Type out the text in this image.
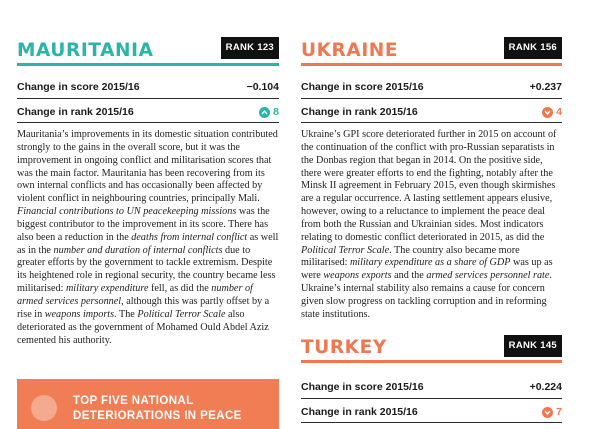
MAURITANIA	RANK 123
Change in score 2015/16	−0.104
Change in rank 2015/16	8

Mauritania’s improvements in its domestic situation contributed strongly to the gains in the overall score, but it was the improvement in ongoing conflict and militarisation scores that was the main factor. Mauritania has been recovering from its own internal conflicts and has occasionally been affected by violent conflict in neighbouring countries, principally Mali. Financial contributions to UN peacekeeping missions was the biggest contributor to the improvement in its score. There has also been a reduction in the deaths from internal conflict as well as in the number and duration of internal conflicts due to greater efforts by the government to tackle extremism. Despite its heightened role in regional security, the country became less militarised: military expenditure fell, as did the number of armed services personnel, although this was partly offset by a rise in weapons imports. The Political Terror Scale also deteriorated as the government of Mohamed Ould Abdel Aziz cemented his authority.

TOP FIVE NATIONAL
DETERIORATIONS IN PEACE
UKRAINE	RANK 156
Change in score 2015/16	+0.237
Change in rank 2015/16	4

Ukraine’s GPI score deteriorated further in 2015 on account of the continuation of the conflict with pro-Russian separatists in the Donbas region that began in 2014. On the positive side, there were greater efforts to end the fighting, notably after the Minsk II agreement in February 2015, even though skirmishes are a regular occurrence. A lasting settlement appears elusive, however, owing to a reluctance to implement the peace deal from both the Russian and Ukrainian sides. Most indicators relating to domestic conflict deteriorated in 2015, as did the Political Terror Scale. The country also became more militarised: military expenditure as a share of GDP was up as were weapons exports and the armed services personnel rate. Ukraine’s internal stability also remains a cause for concern given slow progress on tackling corruption and in reforming state institutions.

TURKEY	RANK 145
Change in score 2015/16	+0.224
Change in rank 2015/16	7
